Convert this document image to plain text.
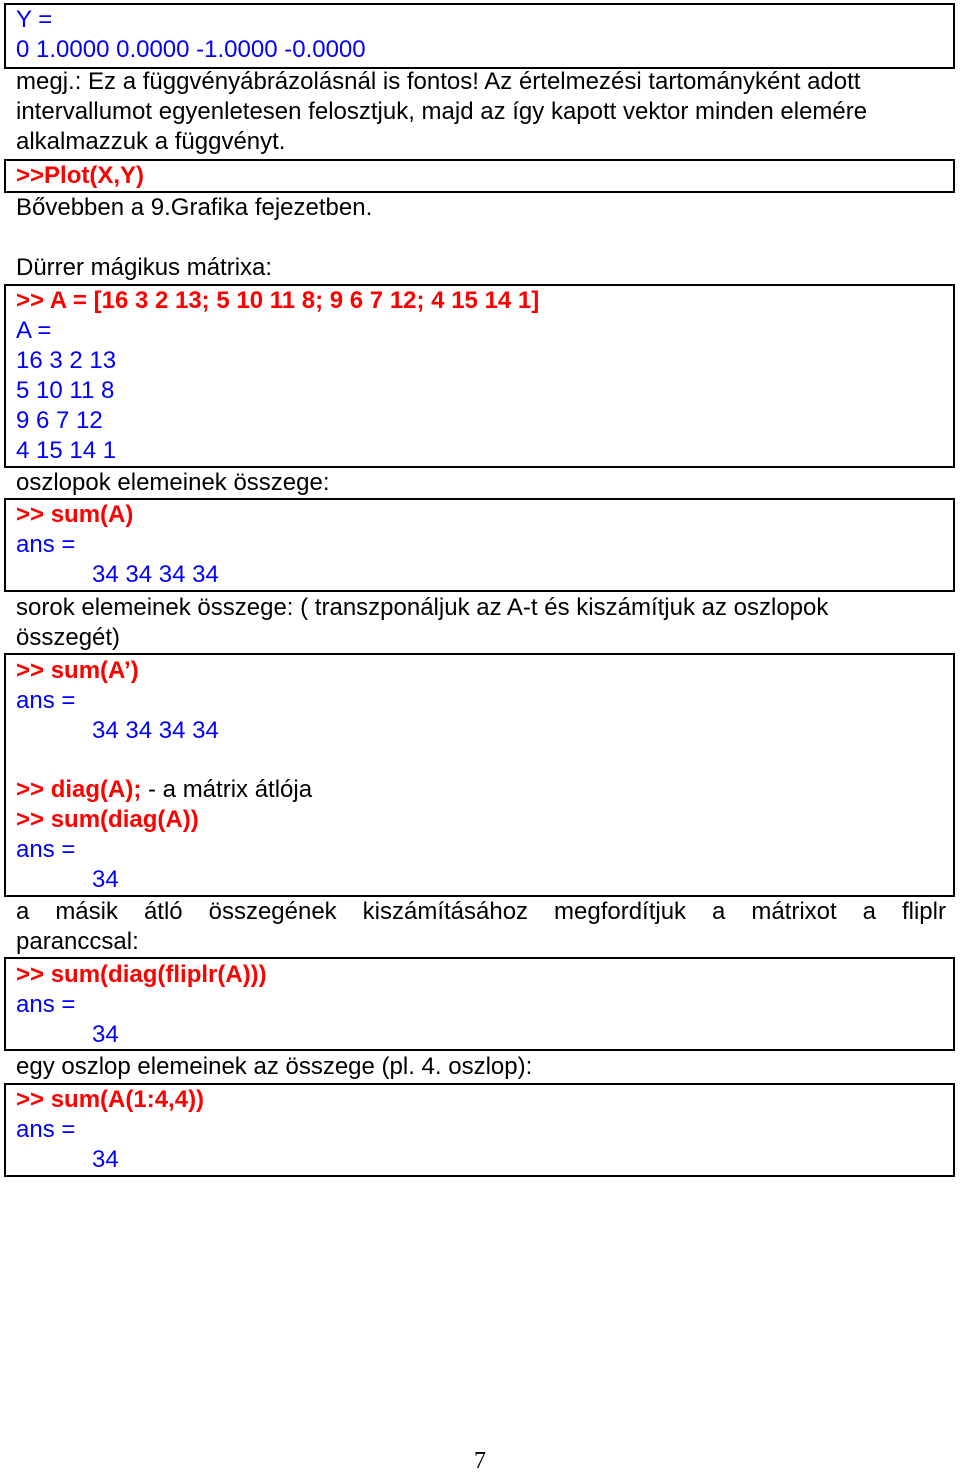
Y =
0 1.0000 0.0000 -1.0000 -0.0000
megj.: Ez a függvényábrázolásnál is fontos! Az értelmezési tartományként adott
intervallumot egyenletesen felosztjuk, majd az így kapott vektor minden elemére
alkalmazzuk a függvényt.
>>Plot(X,Y)
Bővebben a 9.Grafika fejezetben.
Dürrer mágikus mátrixa:
>> A = [16 3 2 13; 5 10 11 8; 9 6 7 12; 4 15 14 1]
A =
16 3 2 13
5 10 11 8
9 6 7 12
4 15 14 1
oszlopok elemeinek összege:
>> sum(A)
ans =
34 34 34 34
sorok elemeinek összege: ( transzponáljuk az A-t és kiszámítjuk az oszlopok
összegét)
>> sum(A’)
ans =
34 34 34 34
>> diag(A); - a mátrix átlója
>> sum(diag(A))
ans =
34
a másik átló összegének kiszámításához megfordítjuk a mátrixot a fliplr
paranccsal:
>> sum(diag(fliplr(A)))
ans =
34
egy oszlop elemeinek az összege (pl. 4. oszlop):
>> sum(A(1:4,4))
ans =
34
7
